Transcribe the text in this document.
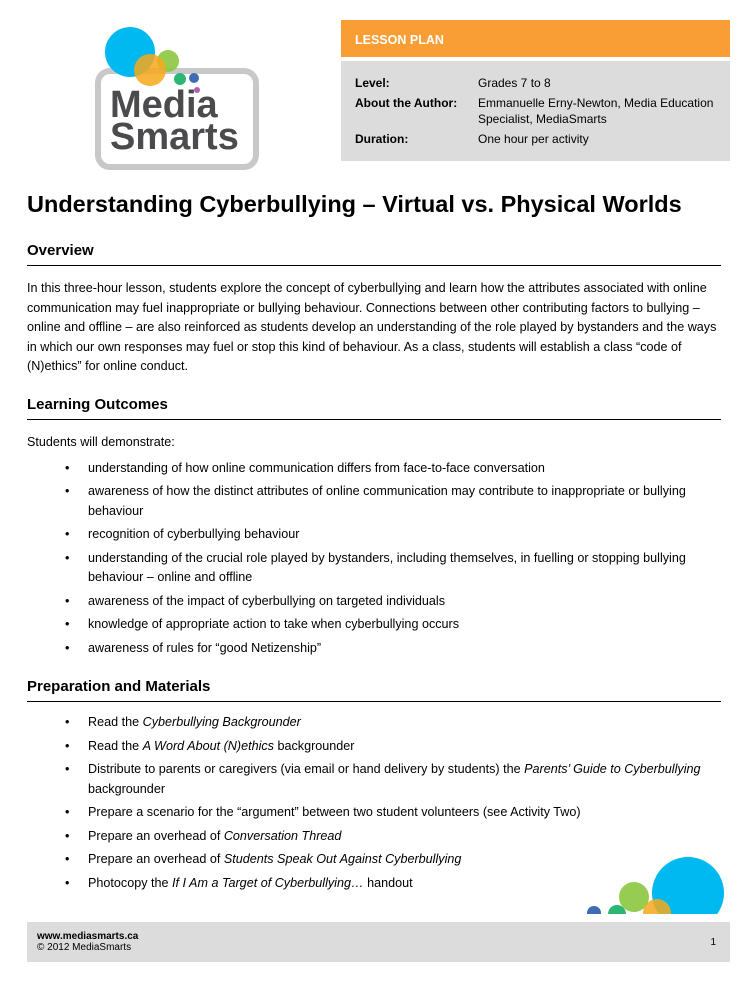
Media
Smarts
LESSON PLAN
Level:	Grades 7 to 8
About the Author:	Emmanuelle Erny-Newton, Media Education Specialist, MediaSmarts
Duration:	One hour per activity
Understanding Cyberbullying – Virtual vs. Physical Worlds
Overview

In this three-hour lesson, students explore the concept of cyberbullying and learn how the attributes associated with online communication may fuel inappropriate or bullying behaviour. Connections between other contributing factors to bullying – online and offline – are also reinforced as students develop an understanding of the role played by bystanders and the ways in which our own responses may fuel or stop this kind of behaviour. As a class, students will establish a class “code of (N)ethics” for online conduct.

Learning Outcomes

Students will demonstrate:

• understanding of how online communication differs from face-to-face conversation
• awareness of how the distinct attributes of online communication may contribute to inappropriate or bullying behaviour
• recognition of cyberbullying behaviour
• understanding of the crucial role played by bystanders, including themselves, in fuelling or stopping bullying behaviour – online and offline
• awareness of the impact of cyberbullying on targeted individuals
• knowledge of appropriate action to take when cyberbullying occurs
• awareness of rules for “good Netizenship”
Preparation and Materials
• Read the Cyberbullying Backgrounder
• Read the A Word About (N)ethics backgrounder
• Distribute to parents or caregivers (via email or hand delivery by students) the Parents’ Guide to Cyberbullying backgrounder
• Prepare a scenario for the “argument” between two student volunteers (see Activity Two)
• Prepare an overhead of Conversation Thread
• Prepare an overhead of Students Speak Out Against Cyberbullying
• Photocopy the If I Am a Target of Cyberbullying… handout
www.mediasmarts.ca
© 2012 MediaSmarts	1
